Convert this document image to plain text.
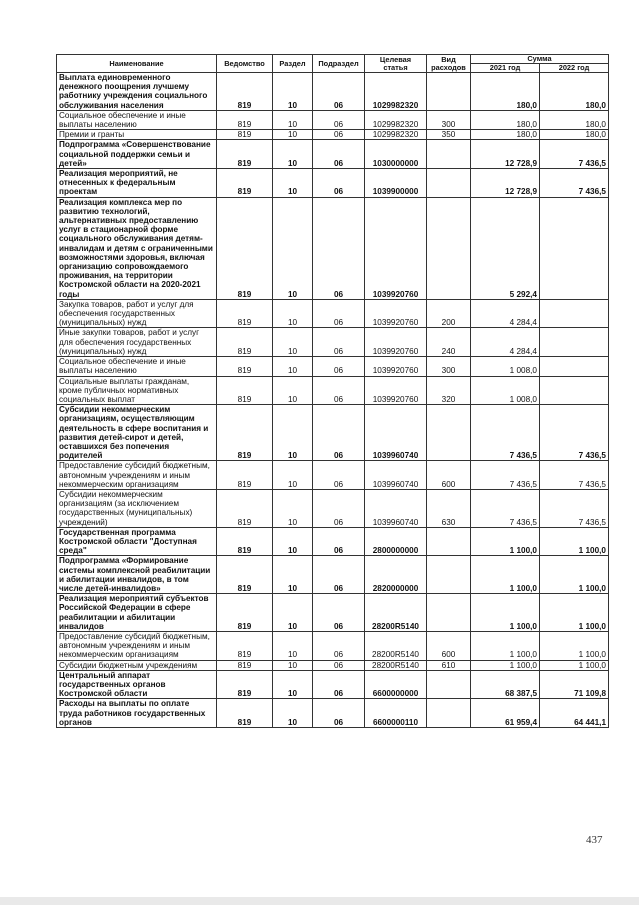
Наименование	Ведомство	Раздел	Подраздел	Целевая статья	Вид расходов	Сумма	
						2021 год	2022 год
Выплата единовременного денежного поощрения лучшему работнику учреждения социального обслуживания населения	819	10	06	1029982320		180,0	180,0
Социальное обеспечение и иные выплаты населению	819	10	06	1029982320	300	180,0	180,0
Премии и гранты	819	10	06	1029982320	350	180,0	180,0
Подпрограмма «Совершенствование социальной поддержки семьи и детей»	819	10	06	1030000000		12 728,9	7 436,5
Реализация мероприятий, не отнесенных к федеральным проектам	819	10	06	1039900000		12 728,9	7 436,5
Реализация комплекса мер по развитию технологий, альтернативных предоставлению услуг в стационарной форме социального обслуживания детям-инвалидам и детям с ограниченными возможностями здоровья, включая организацию сопровождаемого проживания, на территории Костромской области на 2020-2021 годы	819	10	06	1039920760		5 292,4	
Закупка товаров, работ и услуг для обеспечения государственных (муниципальных) нужд	819	10	06	1039920760	200	4 284,4	
Иные закупки товаров, работ и услуг для обеспечения государственных (муниципальных) нужд	819	10	06	1039920760	240	4 284,4	
Социальное обеспечение и иные выплаты населению	819	10	06	1039920760	300	1 008,0	
Социальные выплаты гражданам, кроме публичных нормативных социальных выплат	819	10	06	1039920760	320	1 008,0	
Субсидии некоммерческим организациям, осуществляющим деятельность в сфере воспитания и развития детей-сирот и детей, оставшихся без попечения родителей	819	10	06	1039960740		7 436,5	7 436,5
Предоставление субсидий бюджетным, автономным учреждениям и иным некоммерческим организациям	819	10	06	1039960740	600	7 436,5	7 436,5
Субсидии некоммерческим организациям (за исключением государственных (муниципальных) учреждений)	819	10	06	1039960740	630	7 436,5	7 436,5
Государственная программа Костромской области "Доступная среда"	819	10	06	2800000000		1 100,0	1 100,0
Подпрограмма «Формирование системы комплексной реабилитации и абилитации инвалидов, в том числе детей-инвалидов»	819	10	06	2820000000		1 100,0	1 100,0
Реализация мероприятий субъектов Российской Федерации в сфере реабилитации и абилитации инвалидов	819	10	06	28200R5140		1 100,0	1 100,0
Предоставление субсидий бюджетным, автономным учреждениям и иным некоммерческим организациям	819	10	06	28200R5140	600	1 100,0	1 100,0
Субсидии бюджетным учреждениям	819	10	06	28200R5140	610	1 100,0	1 100,0
Центральный аппарат государственных органов Костромской области	819	10	06	6600000000		68 387,5	71 109,8
Расходы на выплаты по оплате труда работников государственных органов	819	10	06	6600000110		61 959,4	64 441,1
437
